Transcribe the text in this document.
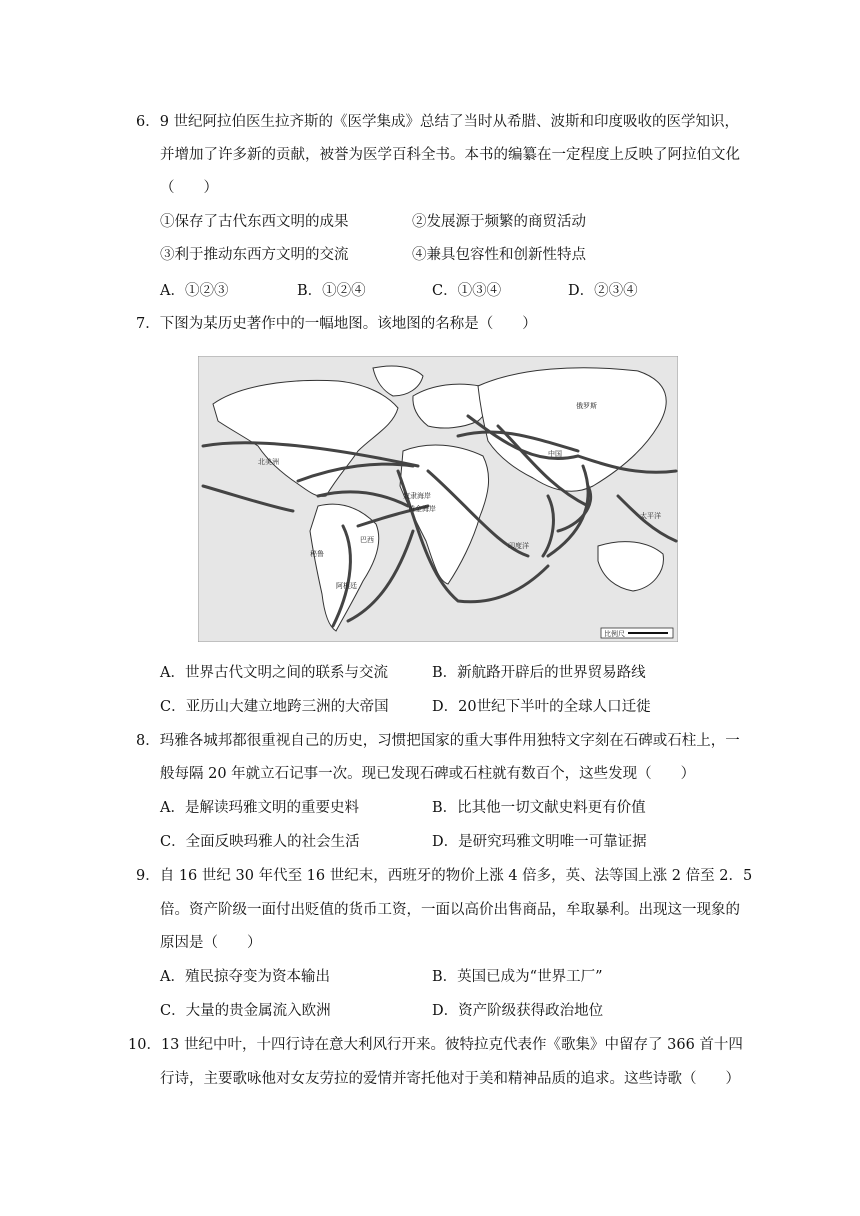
6．9 世纪阿拉伯医生拉齐斯的《医学集成》总结了当时从希腊、波斯和印度吸收的医学知识，
并增加了许多新的贡献，被誉为医学百科全书。本书的编纂在一定程度上反映了阿拉伯文化
（　　）
①保存了古代东西文明的成果	②发展源于频繁的商贸活动
③利于推动东西方文明的交流	④兼具包容性和创新性特点
A．①②③	B．①②④	C．①③④	D．②③④
7．下图为某历史著作中的一幅地图。该地图的名称是（　　）
俄罗斯
北美洲
中国
太平洋
印度洋
奴隶海岸
黄金海岸
秘鲁
巴西
阿根廷
比例尺
A．世界古代文明之间的联系与交流	B．新航路开辟后的世界贸易路线
C．亚历山大建立地跨三洲的大帝国	D．20世纪下半叶的全球人口迁徙
8．玛雅各城邦都很重视自己的历史，习惯把国家的重大事件用独特文字刻在石碑或石柱上，一
般每隔 20 年就立石记事一次。现已发现石碑或石柱就有数百个，这些发现（　　）
A．是解读玛雅文明的重要史料	B．比其他一切文献史料更有价值
C．全面反映玛雅人的社会生活	D．是研究玛雅文明唯一可靠证据
9．自 16 世纪 30 年代至 16 世纪末，西班牙的物价上涨 4 倍多，英、法等国上涨 2 倍至 2．5
倍。资产阶级一面付出贬值的货币工资，一面以高价出售商品，牟取暴利。出现这一现象的
原因是（　　）
A．殖民掠夺变为资本输出	B．英国已成为“世界工厂”
C．大量的贵金属流入欧洲	D．资产阶级获得政治地位
10．13 世纪中叶，十四行诗在意大利风行开来。彼特拉克代表作《歌集》中留存了 366 首十四
行诗，主要歌咏他对女友劳拉的爱情并寄托他对于美和精神品质的追求。这些诗歌（　　）
